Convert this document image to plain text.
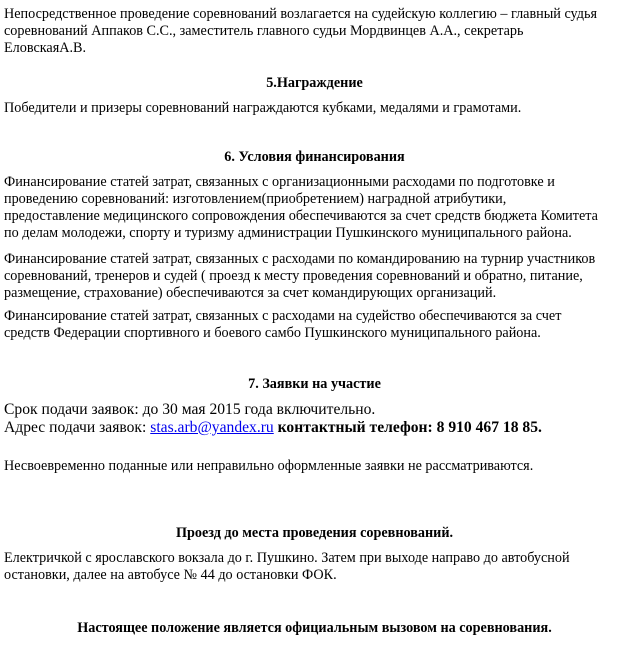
Непосредственное проведение соревнований возлагается на судейскую коллегию – главный судья
соревнований Аппаков С.С., заместитель главного судьи Мордвинцев А.А., секретарь
ЕловскаяА.В.
5.Награждение
Победители и призеры соревнований награждаются кубками, медалями и грамотами.
6. Условия финансирования
Финансирование статей затрат, связанных с организационными расходами по подготовке и
проведению соревнований: изготовлением(приобретением) наградной атрибутики,
предоставление медицинского сопровождения обеспечиваются за счет средств бюджета Комитета
по делам молодежи, спорту и туризму администрации Пушкинского муниципального района.
Финансирование статей затрат, связанных с расходами по командированию на турнир участников
соревнований, тренеров и судей ( проезд к месту проведения соревнований и обратно, питание,
размещение, страхование) обеспечиваются за счет командирующих организаций.
Финансирование статей затрат, связанных с расходами на судейство обеспечиваются за счет
средств Федерации спортивного и боевого самбо Пушкинского муниципального района.
7. Заявки на участие
Срок подачи заявок: до 30 мая 2015 года включительно.
Адрес подачи заявок: stas.arb@yandex.ru контактный телефон: 8 910 467 18 85.
Несвоевременно поданные или неправильно оформленные заявки не рассматриваются.
Проезд до места проведения соревнований.
Електричкой с ярославского вокзала до г. Пушкино. Затем при выходе направо до автобусной
остановки, далее на автобусе № 44 до остановки ФОК.
Настоящее положение является официальным вызовом на соревнования.
